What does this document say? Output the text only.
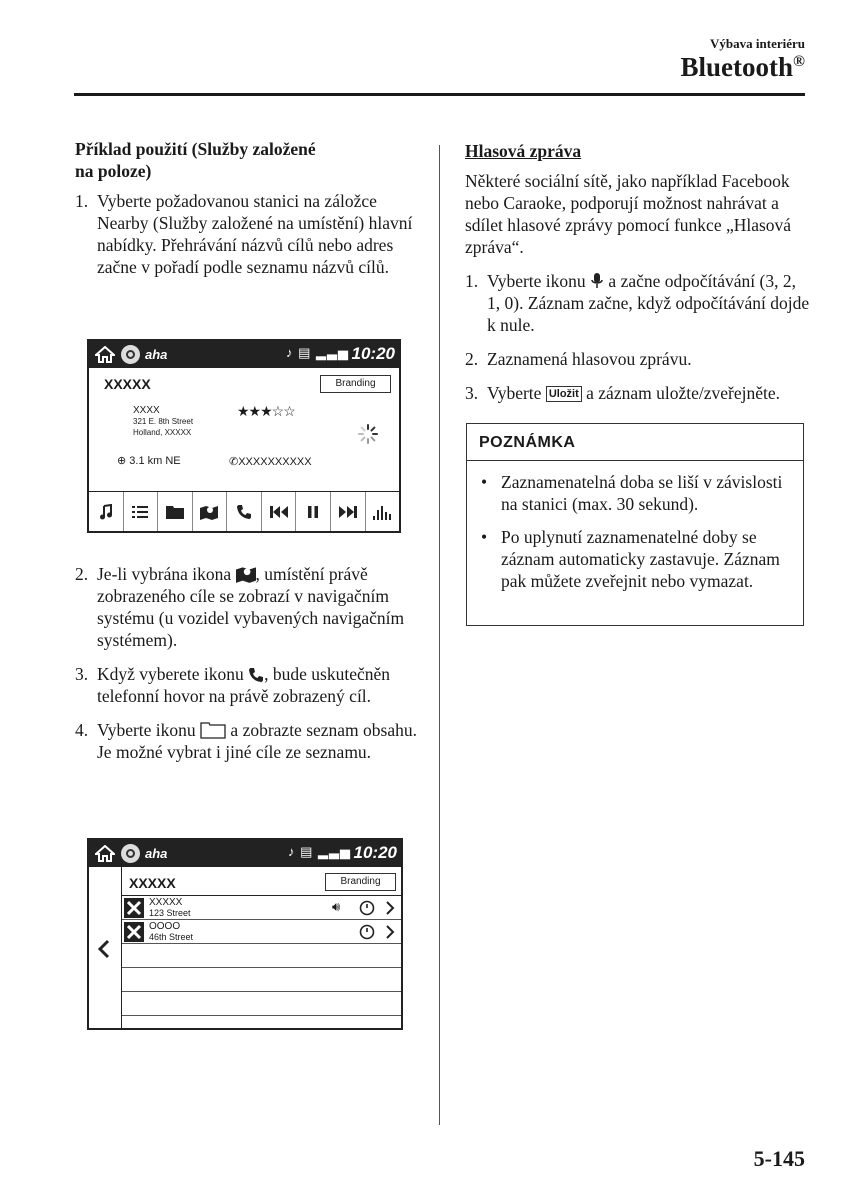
Výbava interiéru
Bluetooth®
Příklad použití (Služby založené
na poloze)
1. Vyberte požadovanou stanici na záložce Nearby (Služby založené na umístění) hlavní nabídky. Přehrávání názvů cílů nebo adres začne v pořadí podle seznamu názvů cílů.
aha	♪ ▤ ▂▃▅ 10:20
XXXXX	Branding
XXXX
321 E. 8th Street
Holland, XXXXX
★★★☆☆
⊕ 3.1 km NE	✆XXXXXXXXXX
2. Je-li vybrána ikona , umístění právě zobrazeného cíle se zobrazí v navigačním systému (u vozidel vybavených navigačním systémem).
3. Když vyberete ikonu , bude uskutečněn telefonní hovor na právě zobrazený cíl.
4. Vyberte ikonu  a zobrazte seznam obsahu. Je možné vybrat i jiné cíle ze seznamu.
aha	♪ ▤ ▂▃▅ 10:20
XXXXX	Branding
XXXXX
123 Street	🔊︎
OOOO
46th Street
Hlasová zpráva
Některé sociální sítě, jako například Facebook nebo Caraoke, podporují možnost nahrávat a sdílet hlasové zprávy pomocí funkce „Hlasová zpráva“.
1. Vyberte ikonu  a začne odpočítávání (3, 2, 1, 0). Záznam začne, když odpočítávání dojde k nule.
2. Zaznamená hlasovou zprávu.
3. Vyberte Uložit a záznam uložte/zveřejněte.
POZNÁMKA
• Zaznamenatelná doba se liší v závislosti na stanici (max. 30 sekund).
• Po uplynutí zaznamenatelné doby se záznam automaticky zastavuje. Záznam pak můžete zveřejnit nebo vymazat.
5-145
